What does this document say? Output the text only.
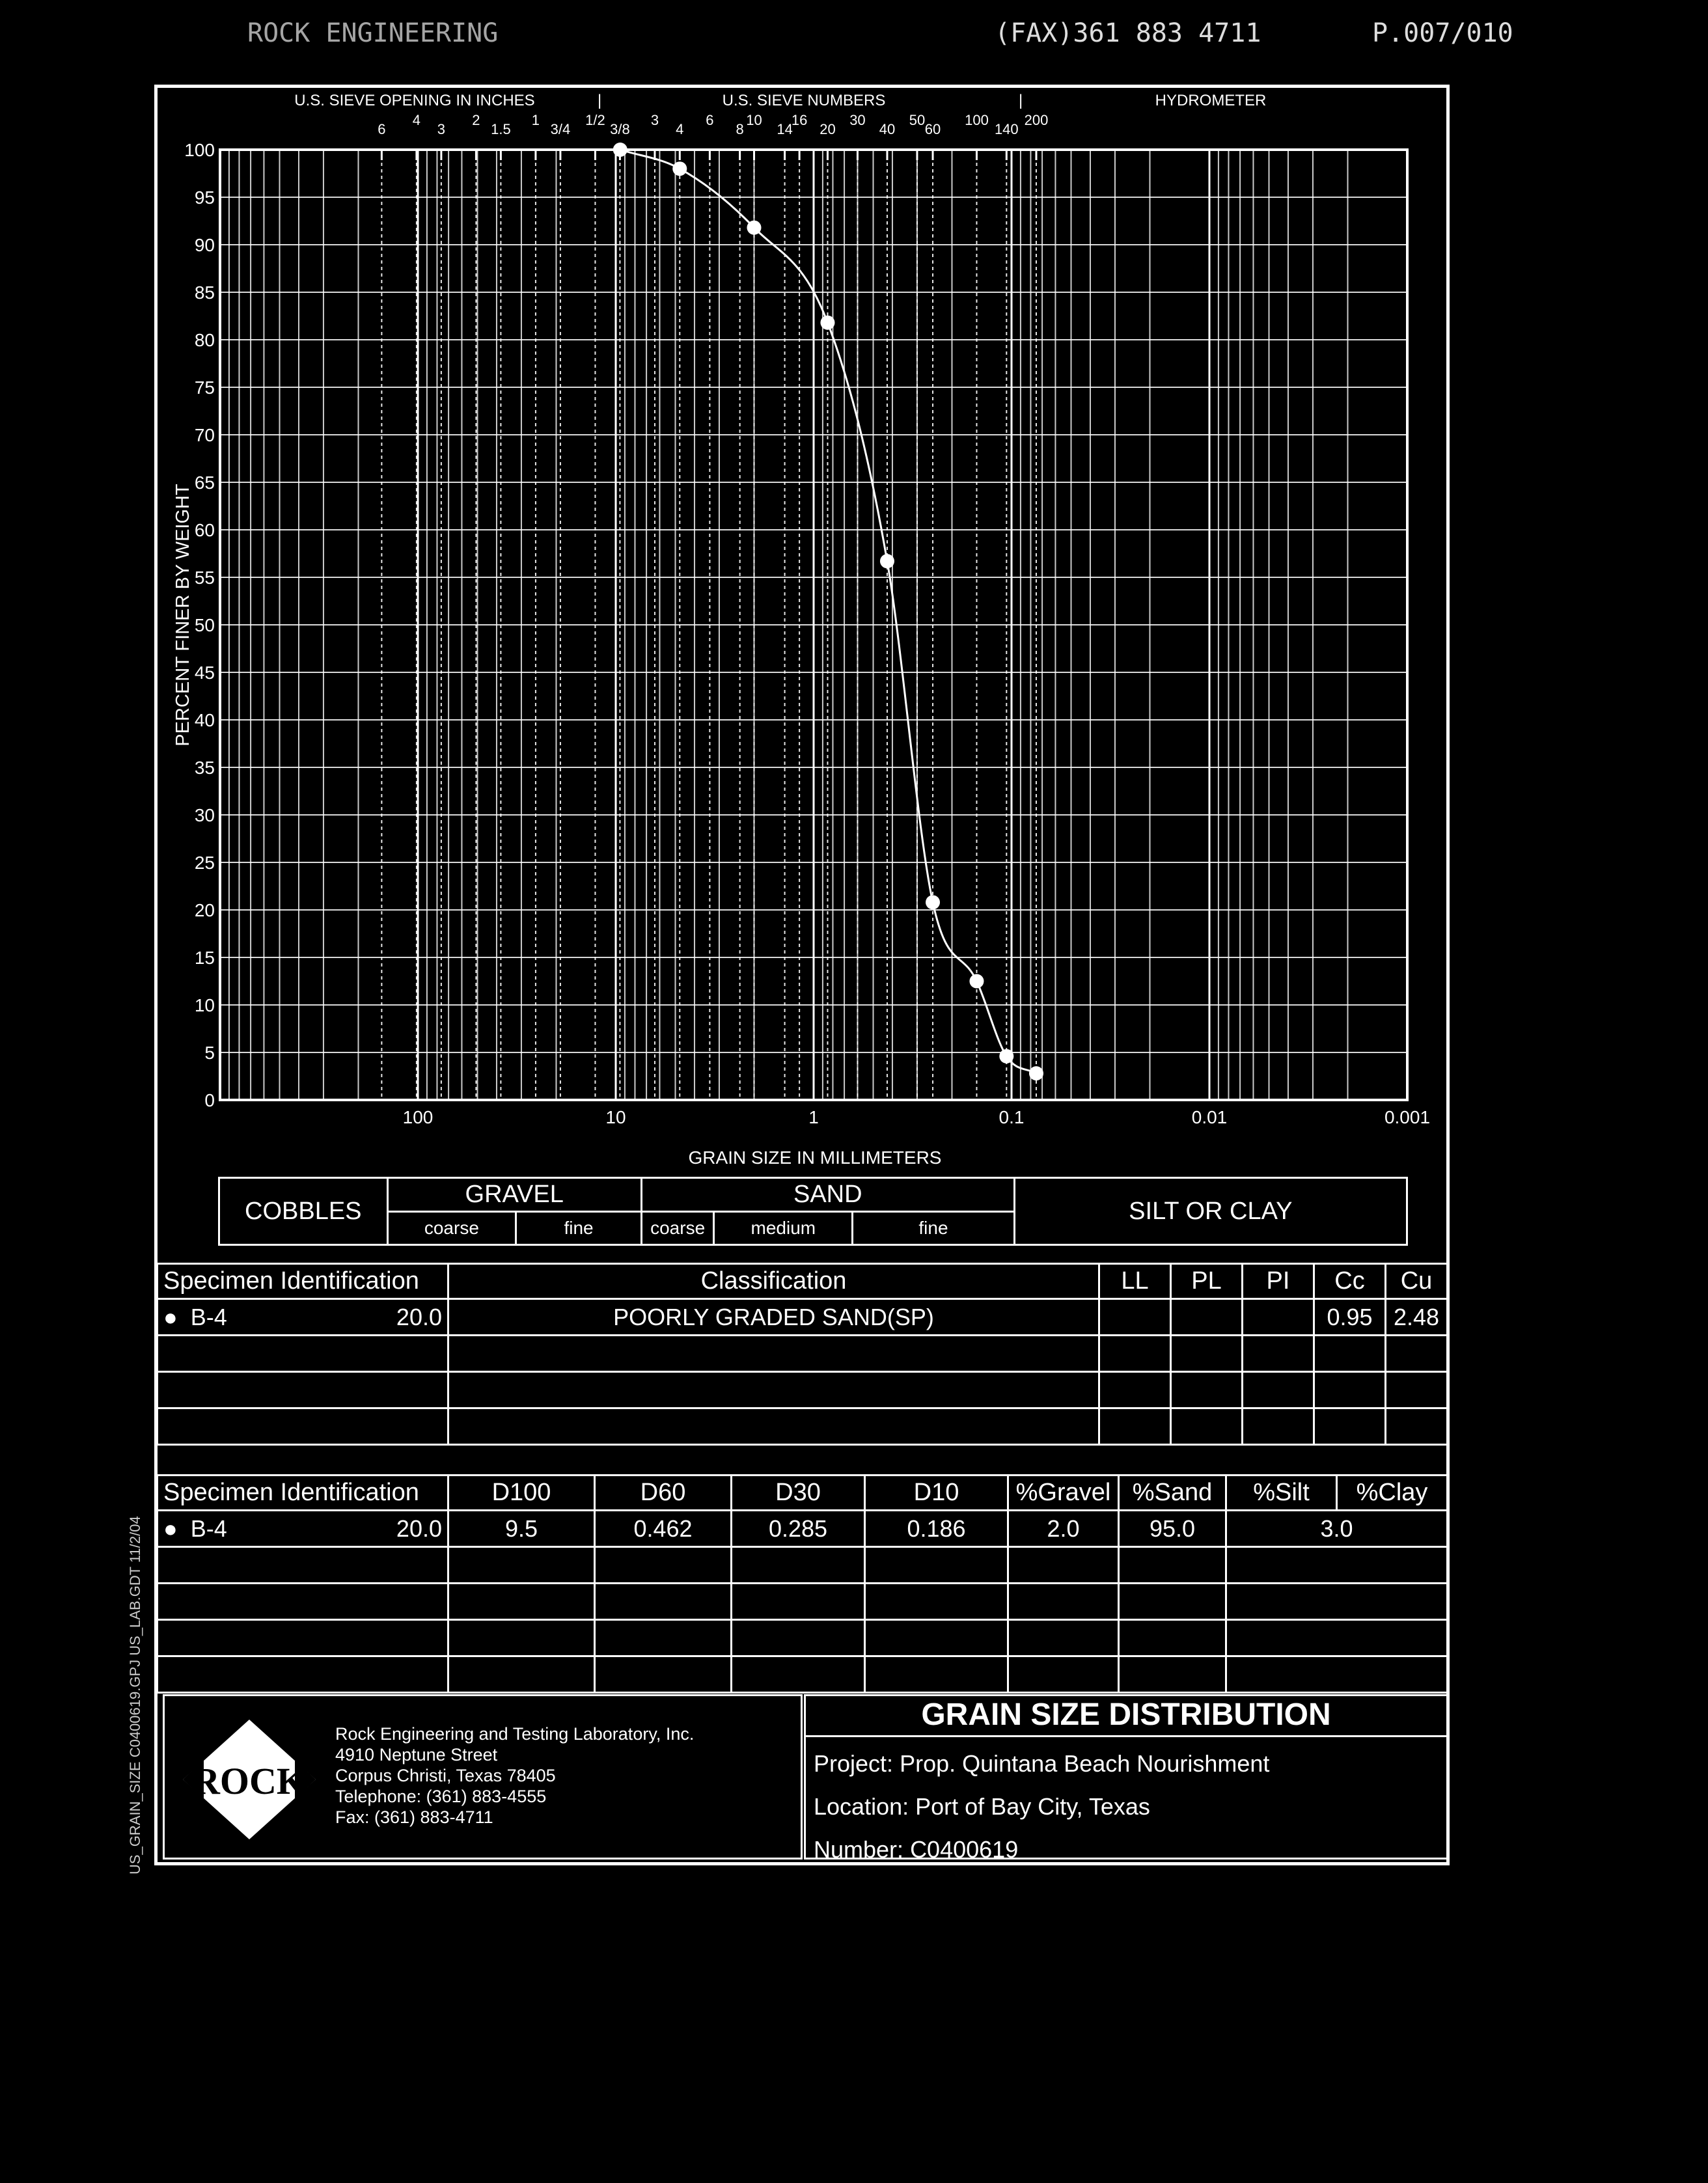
ROCK ENGINEERING	(FAX)361 883 4711	P.007/010
0
5
10
15
20
25
30
35
40
45
50
55
60
65
70
75
80
85
90
95
100
100	10	1	0.1	0.01	0.001
6
4
3
2
1.5
1
3/4
1/2
3/8
3
4
6
8
10
14
16
20
30
40
50
60
100
140
200
PERCENT FINER BY WEIGHT
GRAIN SIZE IN MILLIMETERS
U.S. SIEVE OPENING IN INCHES	U.S. SIEVE NUMBERS	HYDROMETER
|	|
COBBLES	GRAVEL		SAND			SILT OR CLAY
	coarse	fine	coarse	medium	fine	
Specimen Identification		Classification	LL	PL	PI	Cc	Cu
● B-4	20.0	POORLY GRADED SAND(SP)				0.95	2.48

Specimen Identification		D100	D60	D30	D10	%Gravel	%Sand	%Silt	%Clay
● B-4	20.0	9.5	0.462	0.285	0.186	2.0	95.0	3.0	

ROCK
Rock Engineering and Testing Laboratory, Inc.
4910 Neptune Street
Corpus Christi, Texas 78405
Telephone: (361) 883-4555
Fax: (361) 883-4711
GRAIN SIZE DISTRIBUTION
Project: Prop. Quintana Beach Nourishment
Location: Port of Bay City, Texas
Number: C0400619
US_GRAIN_SIZE C0400619.GPJ US_LAB.GDT 11/2/04
